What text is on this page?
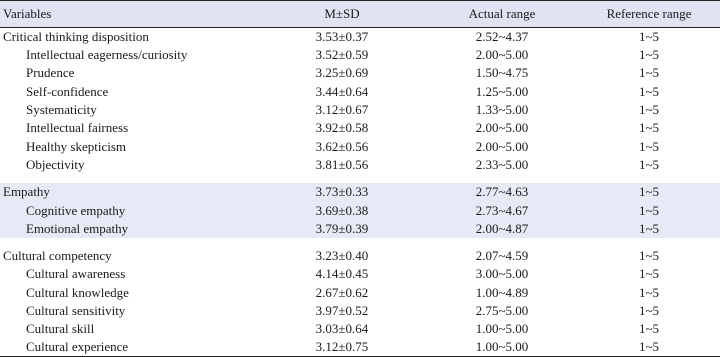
Variables	M±SD	Actual range	Reference range
Critical thinking disposition	3.53±0.37	2.52~4.37	1~5
Intellectual eagerness/curiosity	3.52±0.59	2.00~5.00	1~5
Prudence	3.25±0.69	1.50~4.75	1~5
Self-confidence	3.44±0.64	1.25~5.00	1~5
Systematicity	3.12±0.67	1.33~5.00	1~5
Intellectual fairness	3.92±0.58	2.00~5.00	1~5
Healthy skepticism	3.62±0.56	2.00~5.00	1~5
Objectivity	3.81±0.56	2.33~5.00	1~5

Empathy	3.73±0.33	2.77~4.63	1~5
Cognitive empathy	3.69±0.38	2.73~4.67	1~5
Emotional empathy	3.79±0.39	2.00~4.87	1~5

Cultural competency	3.23±0.40	2.07~4.59	1~5
Cultural awareness	4.14±0.45	3.00~5.00	1~5
Cultural knowledge	2.67±0.62	1.00~4.89	1~5
Cultural sensitivity	3.97±0.52	2.75~5.00	1~5
Cultural skill	3.03±0.64	1.00~5.00	1~5
Cultural experience	3.12±0.75	1.00~5.00	1~5
